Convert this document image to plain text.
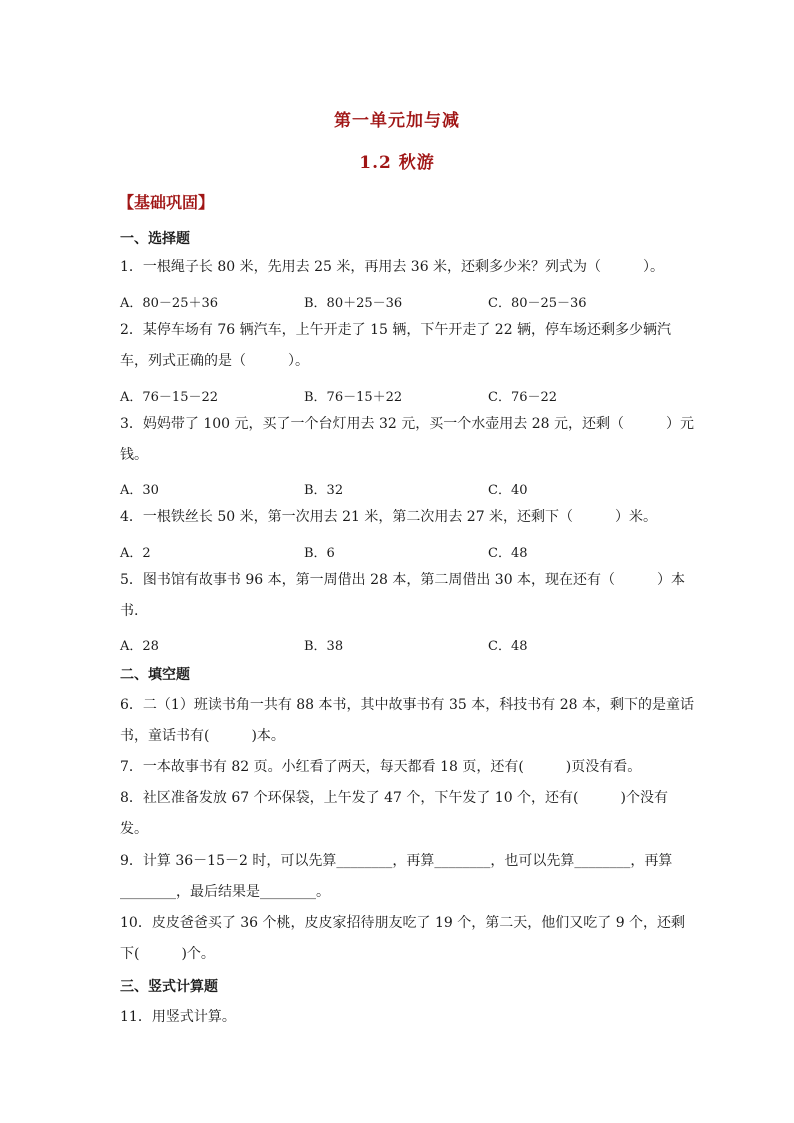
第一单元加与减
1.2 秋游
【基础巩固】
一、选择题
1．一根绳子长 80 米，先用去 25 米，再用去 36 米，还剩多少米？列式为（　　　）。
A．80－25＋36	B．80＋25－36	C．80－25－36
2．某停车场有 76 辆汽车，上午开走了 15 辆，下午开走了 22 辆，停车场还剩多少辆汽
车，列式正确的是（　　　）。
A．76－15－22	B．76－15＋22	C．76－22
3．妈妈带了 100 元，买了一个台灯用去 32 元，买一个水壶用去 28 元，还剩（　　　）元
钱。
A．30	B．32	C．40
4．一根铁丝长 50 米，第一次用去 21 米，第二次用去 27 米，还剩下（　　　）米。
A．2	B．6	C．48
5．图书馆有故事书 96 本，第一周借出 28 本，第二周借出 30 本，现在还有（　　　）本
书.
A．28	B．38	C．48
二、填空题
6．二（1）班读书角一共有 88 本书，其中故事书有 35 本，科技书有 28 本，剩下的是童话
书，童话书有(　　　)本。
7．一本故事书有 82 页。小红看了两天，每天都看 18 页，还有(　　　)页没有看。
8．社区准备发放 67 个环保袋，上午发了 47 个，下午发了 10 个，还有(　　　)个没有
发。
9．计算 36－15－2 时，可以先算________，再算________，也可以先算________，再算
________，最后结果是________。
10．皮皮爸爸买了 36 个桃，皮皮家招待朋友吃了 19 个，第二天，他们又吃了 9 个，还剩
下(　　　)个。
三、竖式计算题
11．用竖式计算。
